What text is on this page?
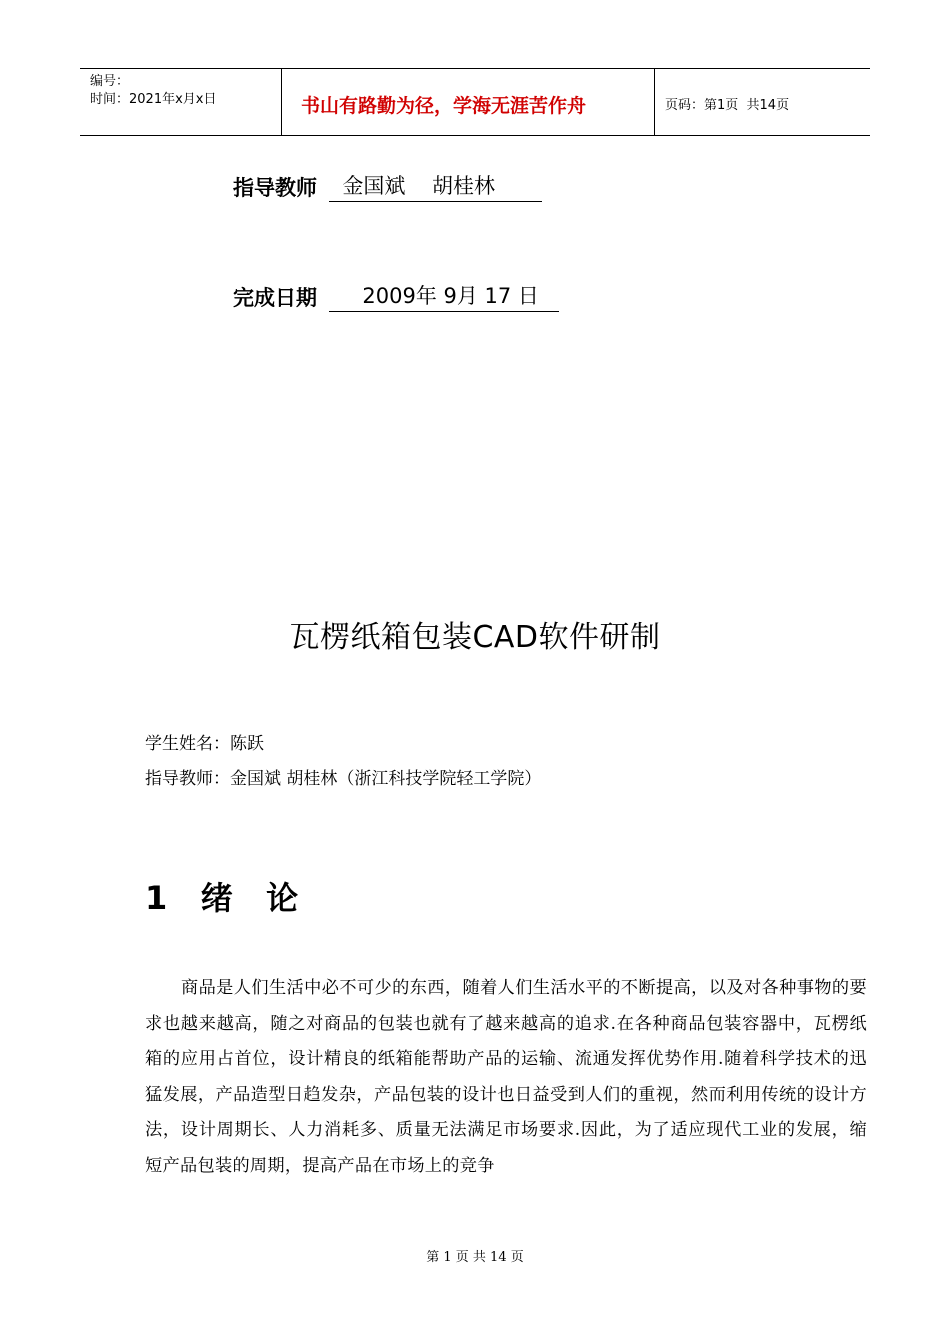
编号：
时间：2021年x月x日	书山有路勤为径，学海无涯苦作舟	页码：第1页  共14页
指导教师 金国斌    胡桂林
完成日期 2009年 9月 17 日
瓦楞纸箱包装CAD软件研制
学生姓名：陈跃
指导教师：金国斌 胡桂林（浙江科技学院轻工学院）
1   绪   论
商品是人们生活中必不可少的东西，随着人们生活水平的不断提高，以及对各种事物的要求也越来越高，随之对商品的包装也就有了越来越高的追求.在各种商品包装容器中，瓦楞纸箱的应用占首位，设计精良的纸箱能帮助产品的运输、流通发挥优势作用.随着科学技术的迅猛发展，产品造型日趋发杂，产品包装的设计也日益受到人们的重视，然而利用传统的设计方法，设计周期长、人力消耗多、质量无法满足市场要求.因此，为了适应现代工业的发展，缩短产品包装的周期，提高产品在市场上的竞争
第 1 页 共 14 页
